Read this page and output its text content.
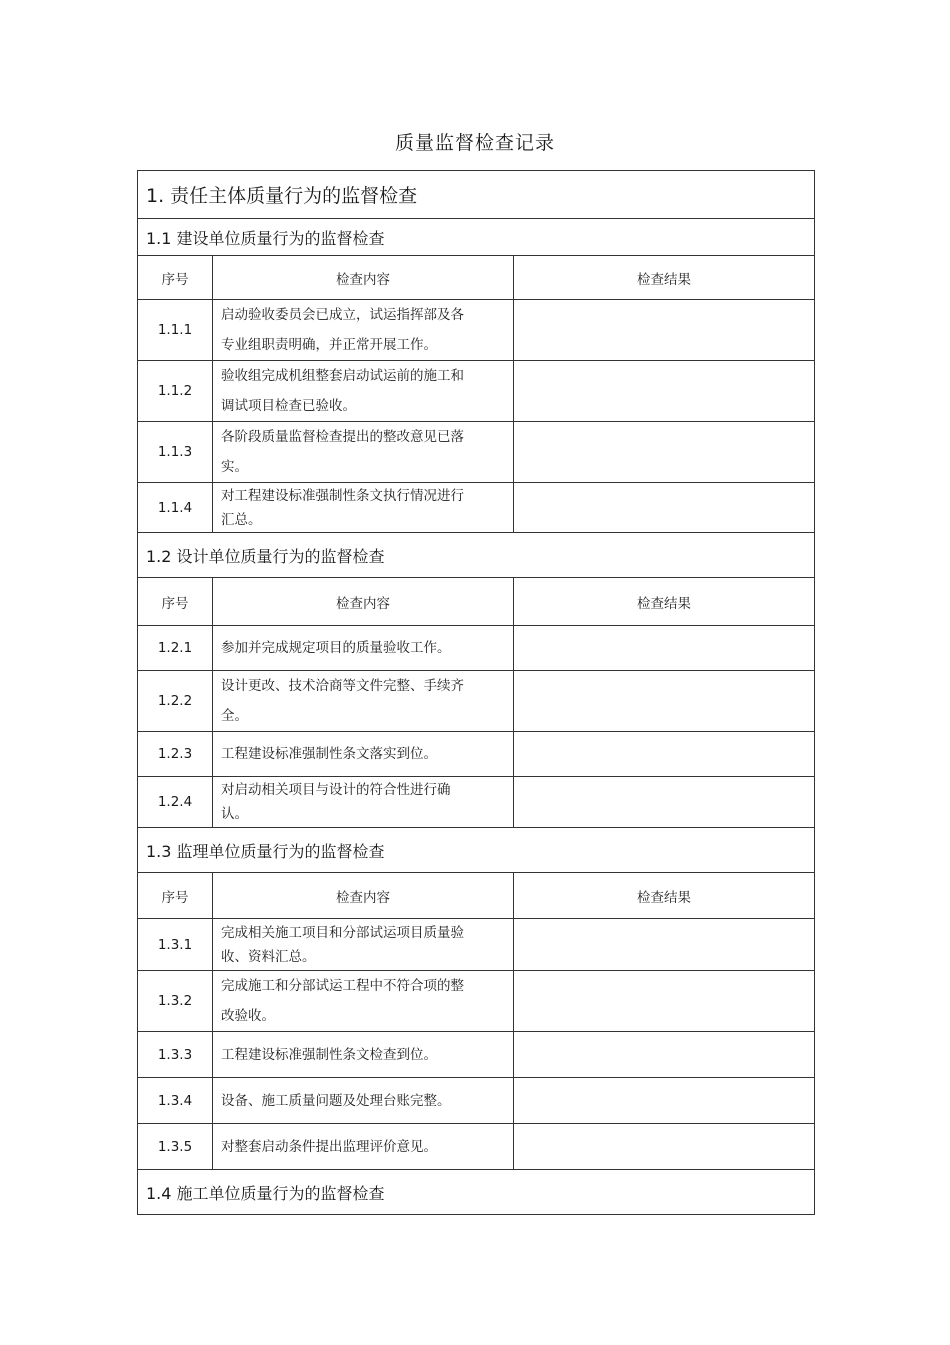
质量监督检查记录
1. 责任主体质量行为的监督检查		
1.1 建设单位质量行为的监督检查		
序号	检查内容	检查结果
1.1.1	启动验收委员会已成立，试运指挥部及各专业组职责明确，并正常开展工作。	

1.1.2	验收组完成机组整套启动试运前的施工和调试项目检查已验收。	

1.1.3	各阶段质量监督检查提出的整改意见已落实。	

1.1.4	对工程建设标准强制性条文执行情况进行汇总。	

1.2 设计单位质量行为的监督检查		
序号	检查内容	检查结果
1.2.1	参加并完成规定项目的质量验收工作。	

1.2.2	设计更改、技术洽商等文件完整、手续齐全。	

1.2.3	工程建设标准强制性条文落实到位。	

1.2.4	对启动相关项目与设计的符合性进行确认。	

1.3 监理单位质量行为的监督检查		
序号	检查内容	检查结果
1.3.1	完成相关施工项目和分部试运项目质量验收、资料汇总。	

1.3.2	完成施工和分部试运工程中不符合项的整改验收。	

1.3.3	工程建设标准强制性条文检查到位。	

1.3.4	设备、施工质量问题及处理台账完整。	

1.3.5	对整套启动条件提出监理评价意见。	

1.4 施工单位质量行为的监督检查		
